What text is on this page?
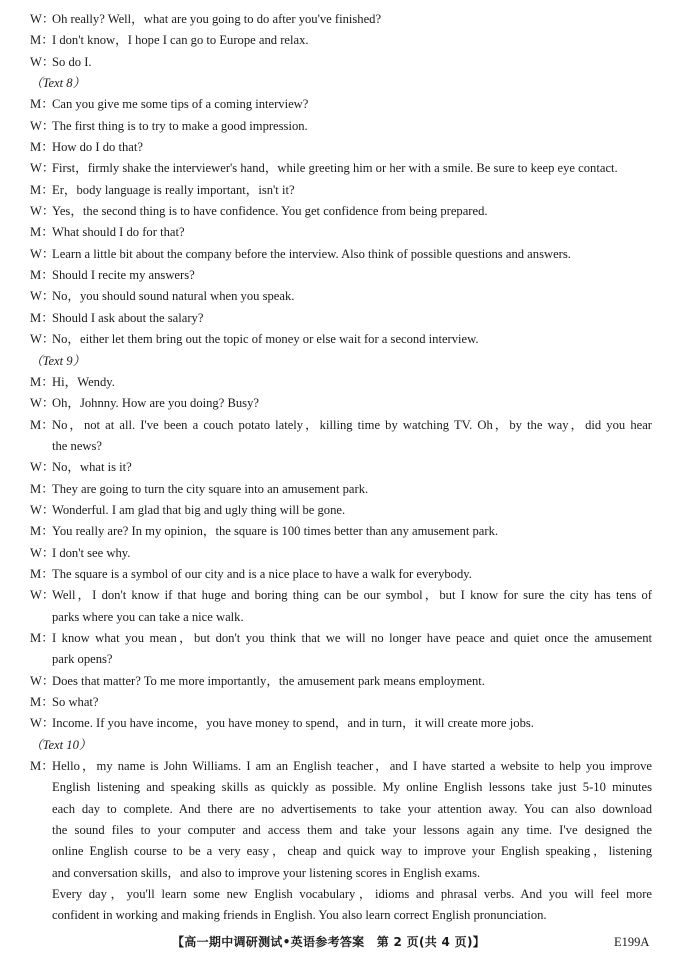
W：Oh really? Well，what are you going to do after you've finished?
M：I don't know，I hope I can go to Europe and relax.
W：So do I.
（Text 8）
M：Can you give me some tips of a coming interview?
W：The first thing is to try to make a good impression.
M：How do I do that?
W：First，firmly shake the interviewer's hand，while greeting him or her with a smile. Be sure to keep eye contact.
M：Er，body language is really important，isn't it?
W：Yes，the second thing is to have confidence. You get confidence from being prepared.
M：What should I do for that?
W：Learn a little bit about the company before the interview. Also think of possible questions and answers.
M：Should I recite my answers?
W：No，you should sound natural when you speak.
M：Should I ask about the salary?
W：No，either let them bring out the topic of money or else wait for a second interview.
（Text 9）
M：Hi，Wendy.
W：Oh，Johnny. How are you doing? Busy?
M：No，not at all. I've been a couch potato lately，killing time by watching TV. Oh，by the way，did you hear
the news?
W：No，what is it?
M：They are going to turn the city square into an amusement park.
W：Wonderful. I am glad that big and ugly thing will be gone.
M：You really are? In my opinion，the square is 100 times better than any amusement park.
W：I don't see why.
M：The square is a symbol of our city and is a nice place to have a walk for everybody.
W：Well，I don't know if that huge and boring thing can be our symbol，but I know for sure the city has tens of
parks where you can take a nice walk.
M：I know what you mean，but don't you think that we will no longer have peace and quiet once the amusement
park opens?
W：Does that matter? To me more importantly，the amusement park means employment.
M：So what?
W：Income. If you have income，you have money to spend，and in turn，it will create more jobs.
（Text 10）
M：Hello，my name is John Williams. I am an English teacher，and I have started a website to help you improve
English listening and speaking skills as quickly as possible. My online English lessons take just 5-10 minutes
each day to complete. And there are no advertisements to take your attention away. You can also download
the sound files to your computer and access them and take your lessons again any time. I've designed the
online English course to be a very easy，cheap and quick way to improve your English speaking，listening
and conversation skills，and also to improve your listening scores in English exams.
Every day，you'll learn some new English vocabulary，idioms and phrasal verbs. And you will feel more
confident in working and making friends in English. You also learn correct English pronunciation.
【高一期中调研测试•英语参考答案　第 2 页(共 4 页)】	E199A
